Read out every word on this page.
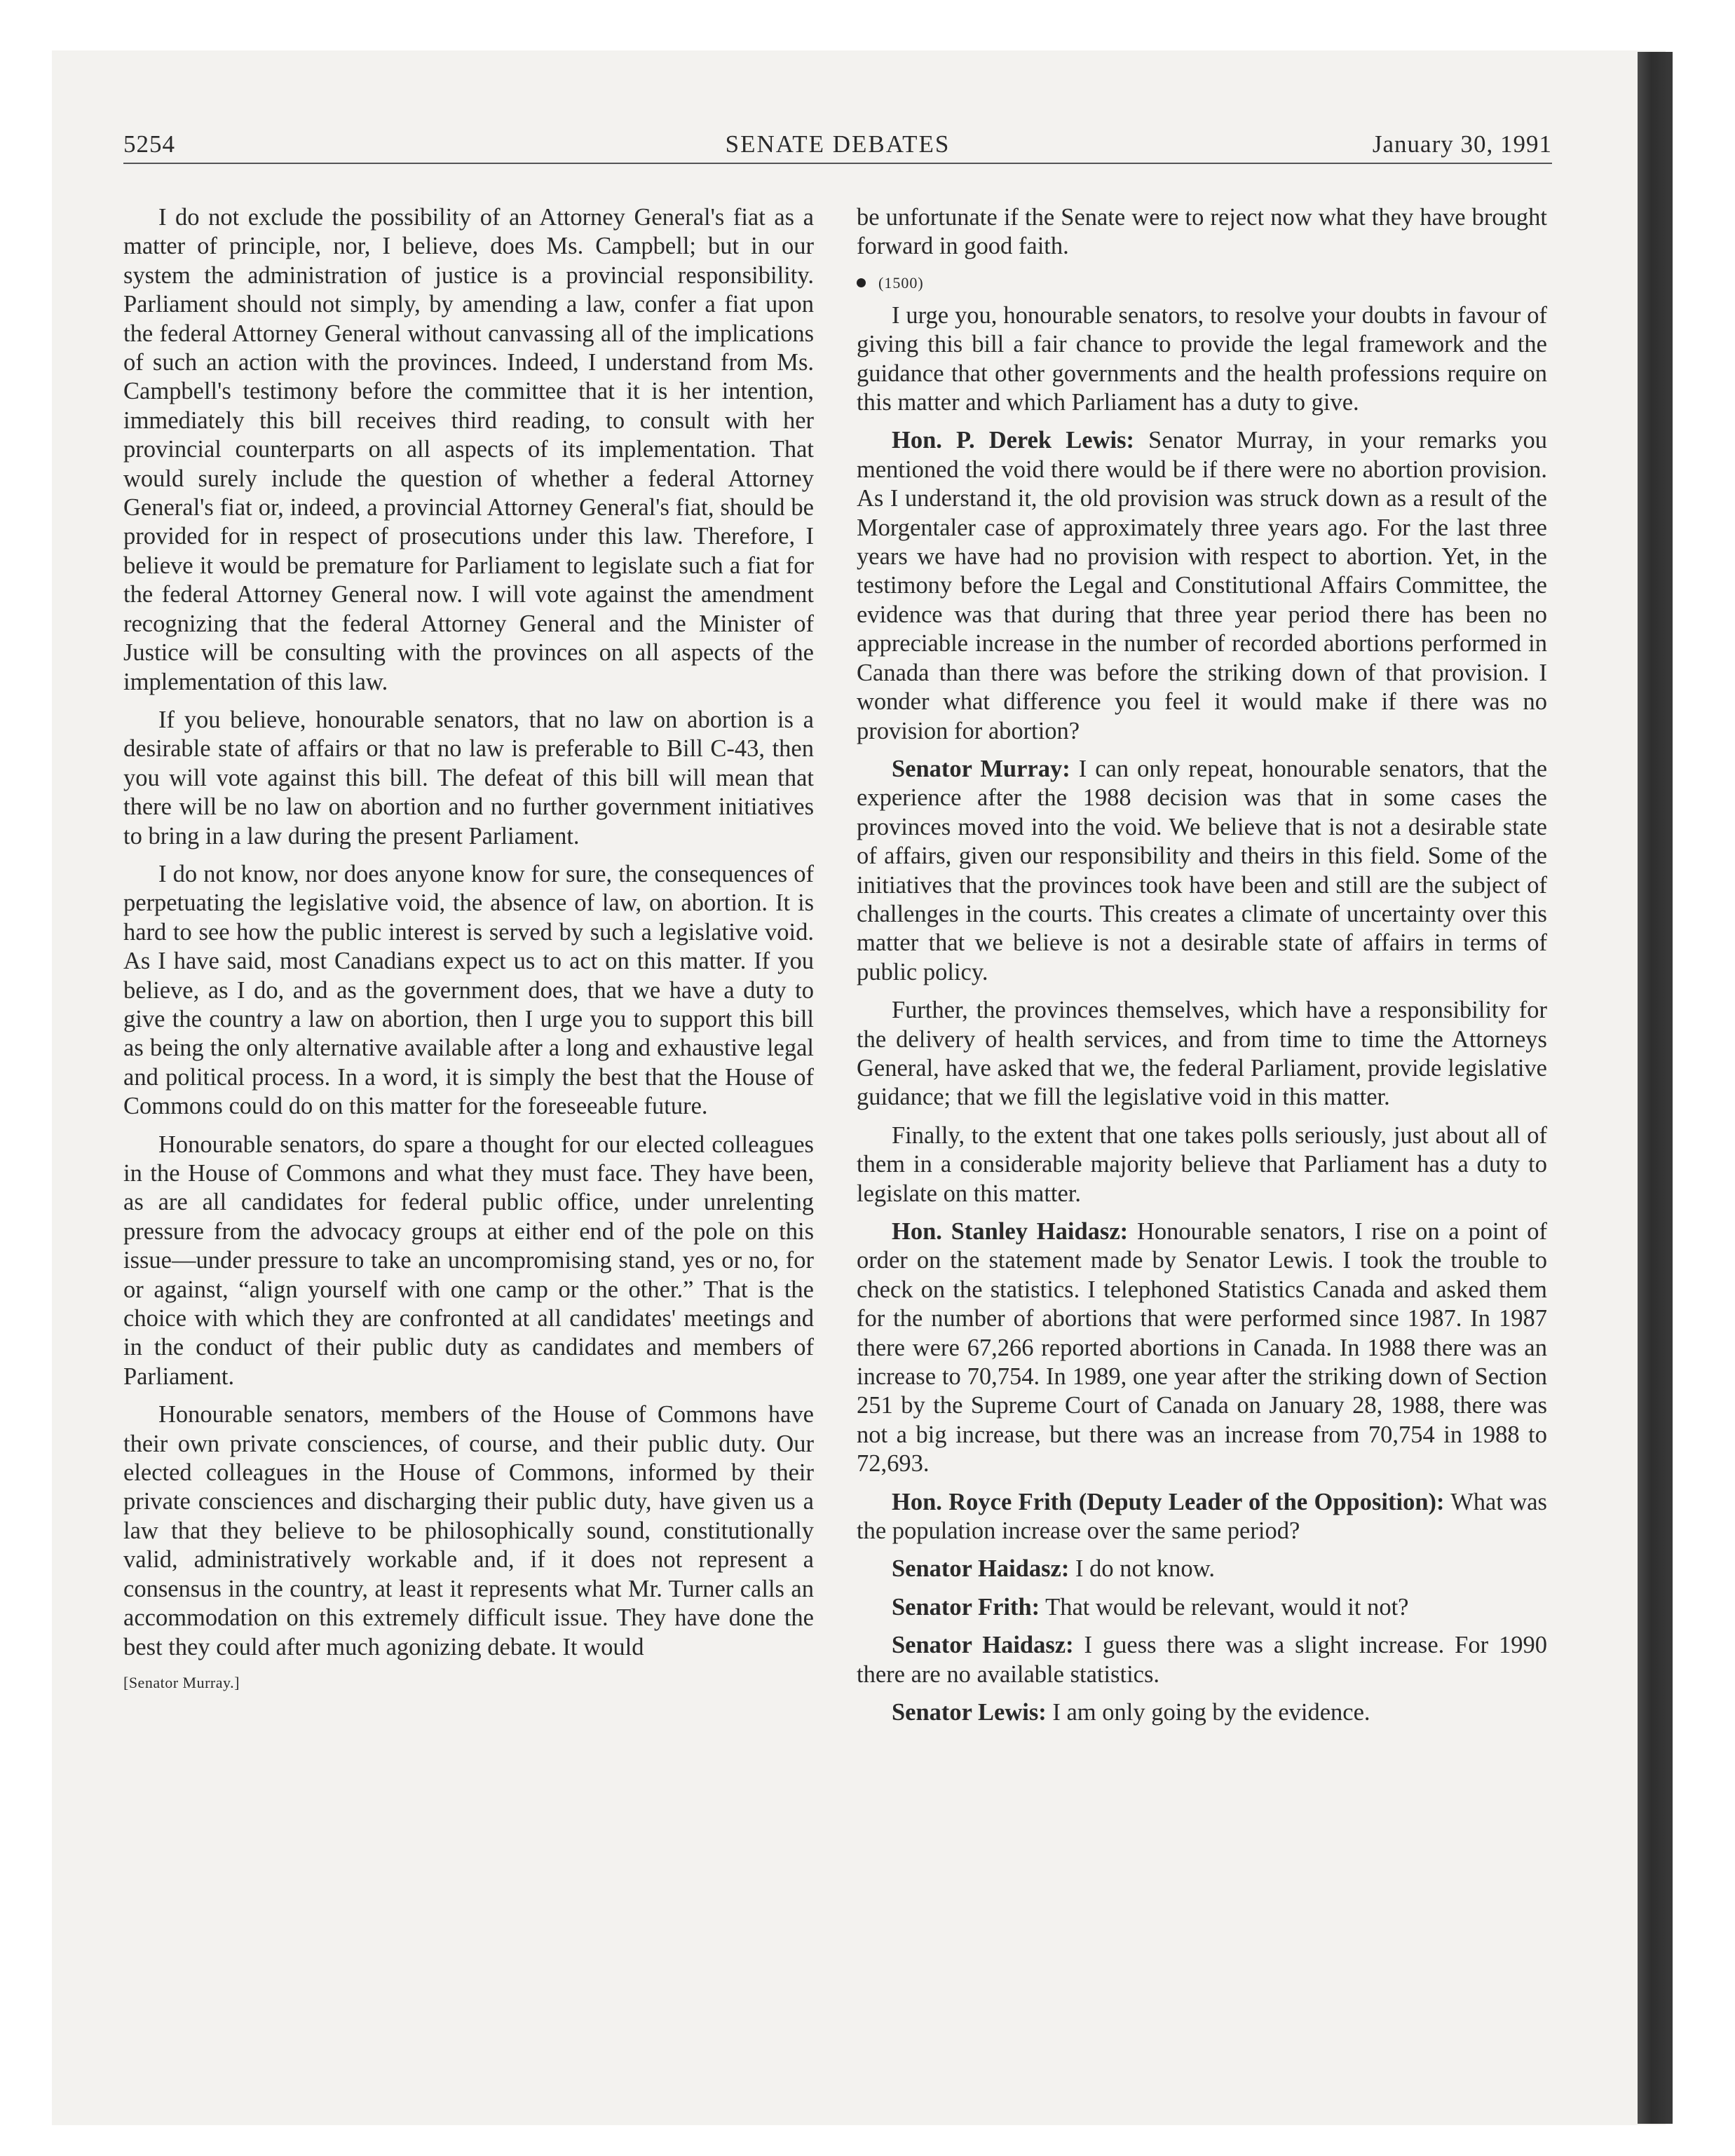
5254	SENATE DEBATES	January 30, 1991

I do not exclude the possibility of an Attorney General's fiat as a matter of principle, nor, I believe, does Ms. Campbell; but in our system the administration of justice is a provincial responsibility. Parliament should not simply, by amending a law, confer a fiat upon the federal Attorney General without canvassing all of the implications of such an action with the provinces. Indeed, I understand from Ms. Campbell's testimony before the committee that it is her intention, immediately this bill receives third reading, to consult with her provincial counterparts on all aspects of its implementation. That would surely include the question of whether a federal Attorney General's fiat or, indeed, a provincial Attorney General's fiat, should be provided for in respect of prosecutions under this law. Therefore, I believe it would be premature for Parliament to legislate such a fiat for the federal Attorney General now. I will vote against the amendment recognizing that the federal Attorney General and the Minister of Justice will be consulting with the provinces on all aspects of the implementation of this law.

If you believe, honourable senators, that no law on abortion is a desirable state of affairs or that no law is preferable to Bill C-43, then you will vote against this bill. The defeat of this bill will mean that there will be no law on abortion and no further government initiatives to bring in a law during the present Parliament.

I do not know, nor does anyone know for sure, the consequences of perpetuating the legislative void, the absence of law, on abortion. It is hard to see how the public interest is served by such a legislative void. As I have said, most Canadians expect us to act on this matter. If you believe, as I do, and as the government does, that we have a duty to give the country a law on abortion, then I urge you to support this bill as being the only alternative available after a long and exhaustive legal and political process. In a word, it is simply the best that the House of Commons could do on this matter for the foreseeable future.

Honourable senators, do spare a thought for our elected colleagues in the House of Commons and what they must face. They have been, as are all candidates for federal public office, under unrelenting pressure from the advocacy groups at either end of the pole on this issue—under pressure to take an uncompromising stand, yes or no, for or against, “align yourself with one camp or the other.” That is the choice with which they are confronted at all candidates' meetings and in the conduct of their public duty as candidates and members of Parliament.

Honourable senators, members of the House of Commons have their own private consciences, of course, and their public duty. Our elected colleagues in the House of Commons, informed by their private consciences and discharging their public duty, have given us a law that they believe to be philosophically sound, constitutionally valid, administratively workable and, if it does not represent a consensus in the country, at least it represents what Mr. Turner calls an accommodation on this extremely difficult issue. They have done the best they could after much agonizing debate. It would

[Senator Murray.]

be unfortunate if the Senate were to reject now what they have brought forward in good faith.

(1500)

I urge you, honourable senators, to resolve your doubts in favour of giving this bill a fair chance to provide the legal framework and the guidance that other governments and the health professions require on this matter and which Parliament has a duty to give.

Hon. P. Derek Lewis: Senator Murray, in your remarks you mentioned the void there would be if there were no abortion provision. As I understand it, the old provision was struck down as a result of the Morgentaler case of approximately three years ago. For the last three years we have had no provision with respect to abortion. Yet, in the testimony before the Legal and Constitutional Affairs Committee, the evidence was that during that three year period there has been no appreciable increase in the number of recorded abortions performed in Canada than there was before the striking down of that provision. I wonder what difference you feel it would make if there was no provision for abortion?

Senator Murray: I can only repeat, honourable senators, that the experience after the 1988 decision was that in some cases the provinces moved into the void. We believe that is not a desirable state of affairs, given our responsibility and theirs in this field. Some of the initiatives that the provinces took have been and still are the subject of challenges in the courts. This creates a climate of uncertainty over this matter that we believe is not a desirable state of affairs in terms of public policy.

Further, the provinces themselves, which have a responsibility for the delivery of health services, and from time to time the Attorneys General, have asked that we, the federal Parliament, provide legislative guidance; that we fill the legislative void in this matter.

Finally, to the extent that one takes polls seriously, just about all of them in a considerable majority believe that Parliament has a duty to legislate on this matter.

Hon. Stanley Haidasz: Honourable senators, I rise on a point of order on the statement made by Senator Lewis. I took the trouble to check on the statistics. I telephoned Statistics Canada and asked them for the number of abortions that were performed since 1987. In 1987 there were 67,266 reported abortions in Canada. In 1988 there was an increase to 70,754. In 1989, one year after the striking down of Section 251 by the Supreme Court of Canada on January 28, 1988, there was not a big increase, but there was an increase from 70,754 in 1988 to 72,693.

Hon. Royce Frith (Deputy Leader of the Opposition): What was the population increase over the same period?

Senator Haidasz: I do not know.

Senator Frith: That would be relevant, would it not?

Senator Haidasz: I guess there was a slight increase. For 1990 there are no available statistics.

Senator Lewis: I am only going by the evidence.
